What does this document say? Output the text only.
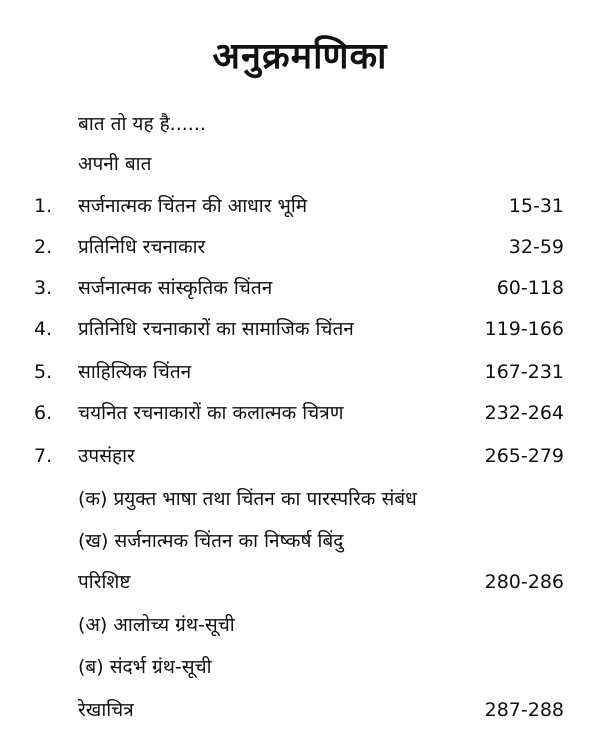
अनुक्रमणिका
बात तो यह है......
अपनी बात
1. सर्जनात्मक चिंतन की आधार भूमि	15-31
2. प्रतिनिधि रचनाकार	32-59
3. सर्जनात्मक सांस्कृतिक चिंतन	60-118
4. प्रतिनिधि रचनाकारों का सामाजिक चिंतन	119-166
5. साहित्यिक चिंतन	167-231
6. चयनित रचनाकारों का कलात्मक चित्रण	232-264
7. उपसंहार	265-279
(क) प्रयुक्त भाषा तथा चिंतन का पारस्परिक संबंध
(ख) सर्जनात्मक चिंतन का निष्कर्ष बिंदु
परिशिष्ट	280-286
(अ) आलोच्य ग्रंथ-सूची
(ब) संदर्भ ग्रंथ-सूची
रेखाचित्र	287-288
